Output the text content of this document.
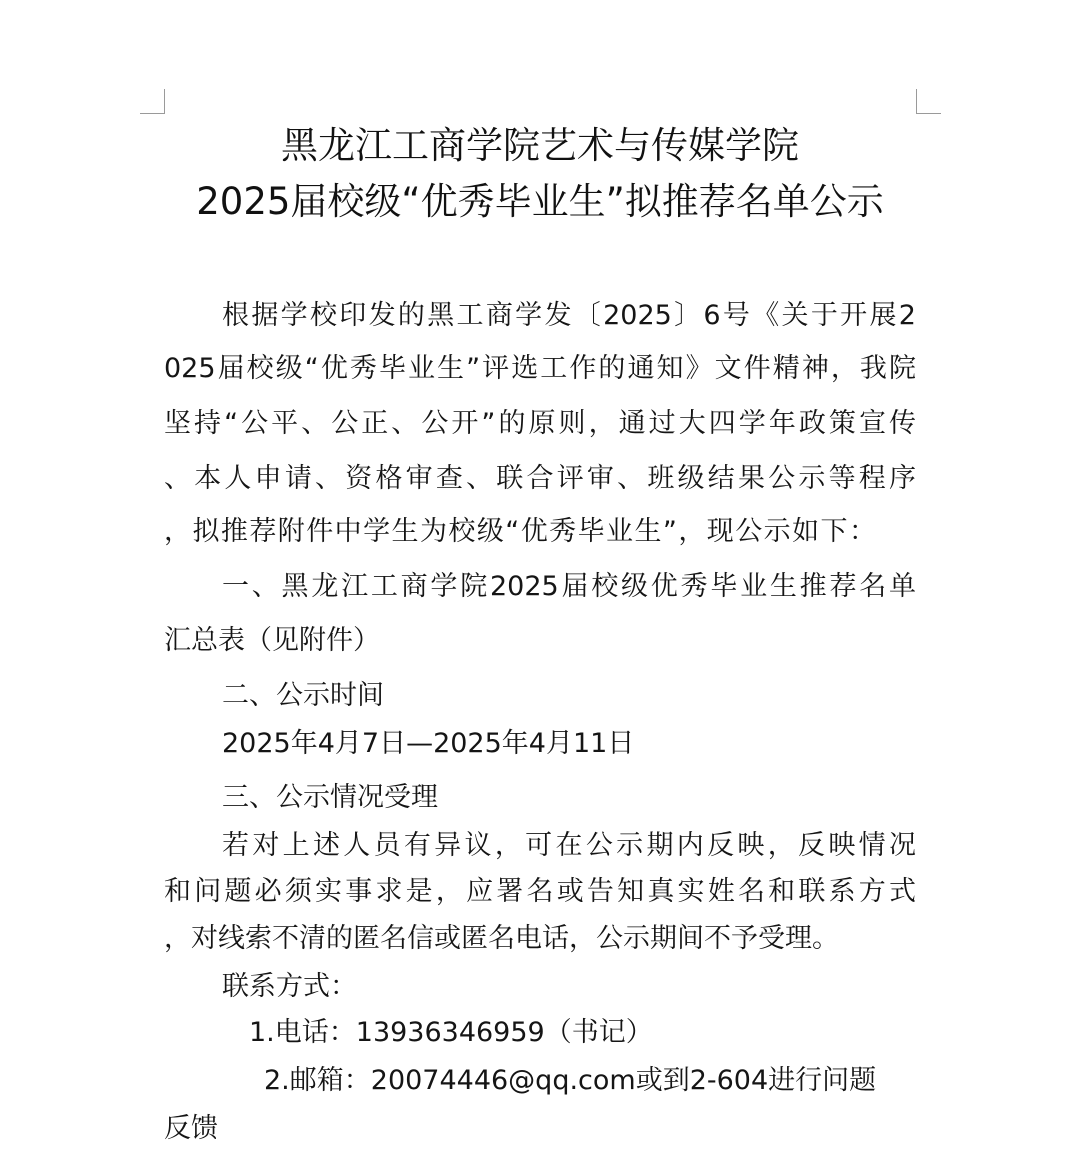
黑龙江工商学院艺术与传媒学院
2025届校级“优秀毕业生”拟推荐名单公示
根据学校印发的黑工商学发〔2025〕6号《关于开展2
025届校级“优秀毕业生”评选工作的通知》文件精神，我院
坚持“公平、公正、公开”的原则，通过大四学年政策宣传
、本人申请、资格审查、联合评审、班级结果公示等程序
，拟推荐附件中学生为校级“优秀毕业生”，现公示如下：
一、黑龙江工商学院2025届校级优秀毕业生推荐名单
汇总表（见附件）
二、公示时间
2025年4月7日—2025年4月11日
三、公示情况受理
若对上述人员有异议，可在公示期内反映，反映情况
和问题必须实事求是，应署名或告知真实姓名和联系方式
，对线索不清的匿名信或匿名电话，公示期间不予受理。
联系方式：
1.电话：13936346959（书记）
2.邮箱：20074446@qq.com或到2-604进行问题
反馈
